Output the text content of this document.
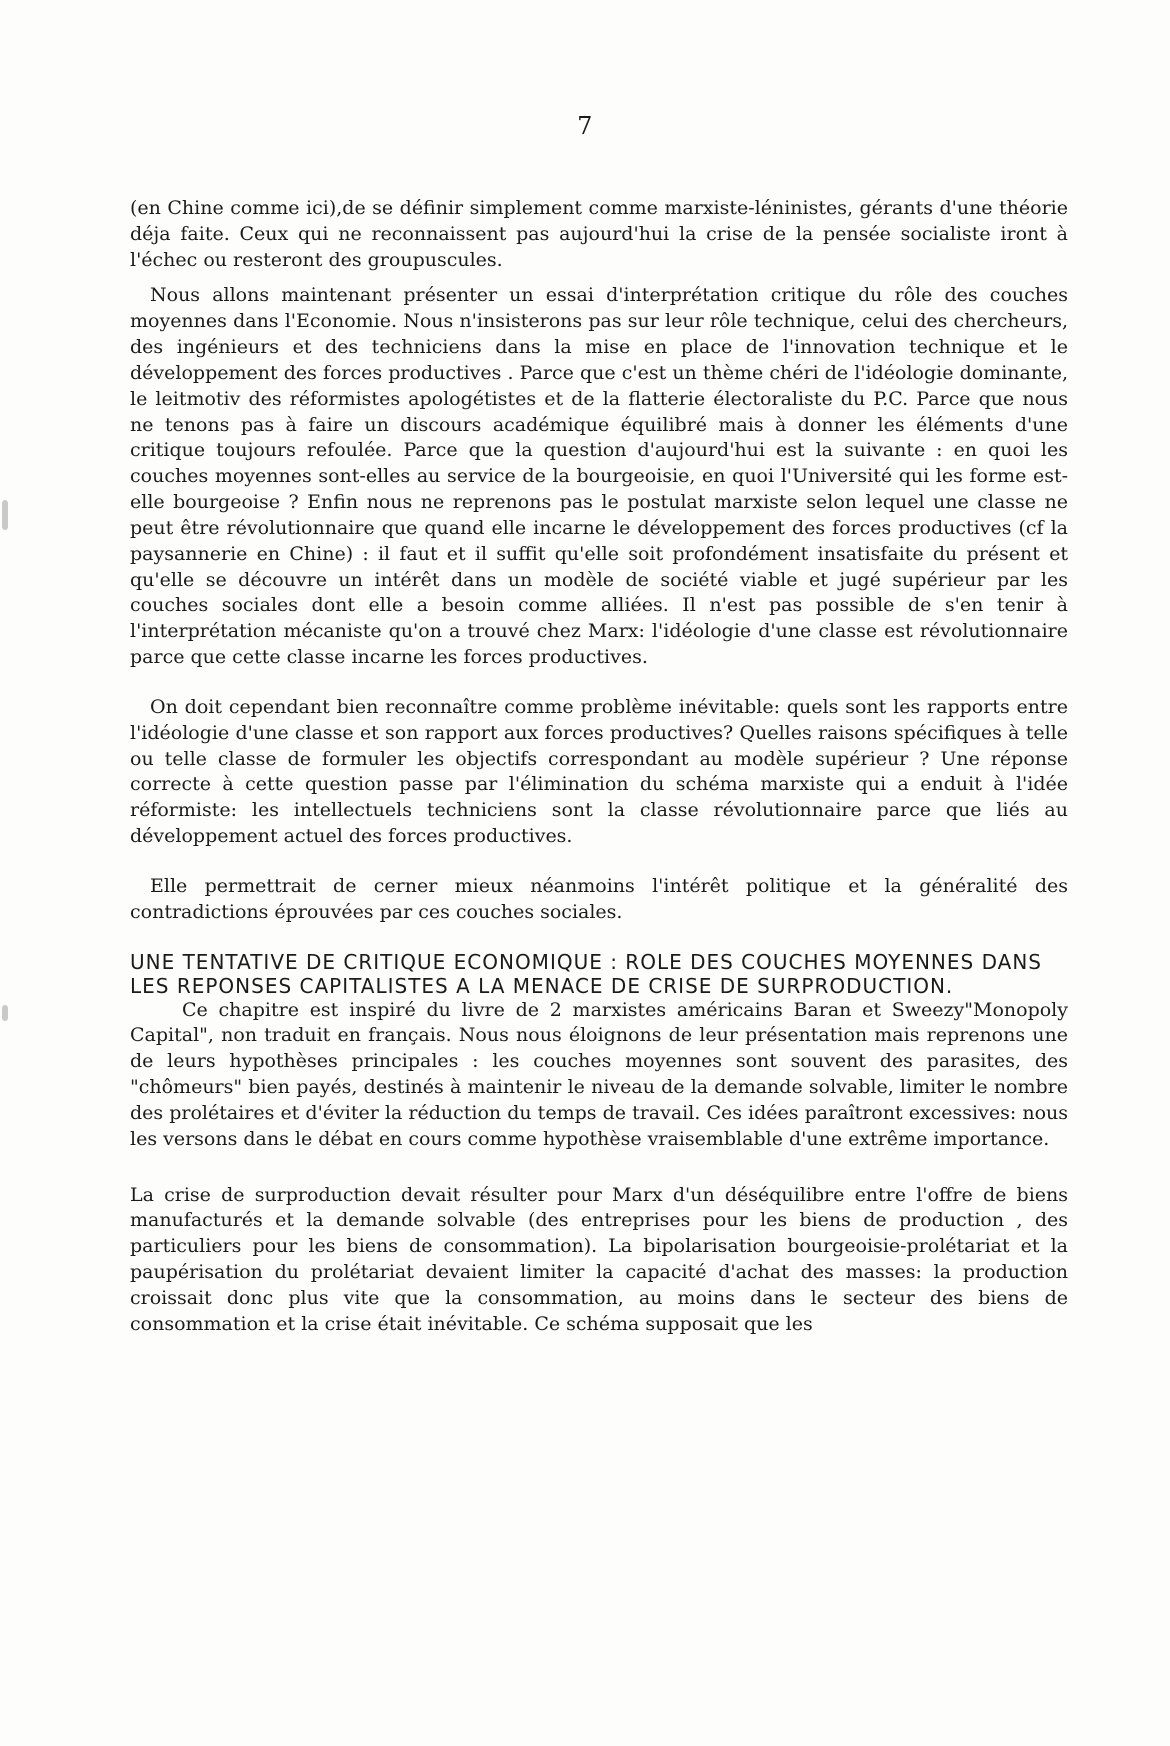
7

(en Chine comme ici),de se définir simplement comme marxiste-léninistes, gérants d'une théorie déja faite. Ceux qui ne reconnaissent pas aujourd'hui la crise de la pensée socialiste iront à l'échec ou resteront des groupuscules.

Nous allons maintenant présenter un essai d'interprétation critique du rôle des couches moyennes dans l'Economie. Nous n'insisterons pas sur leur rôle technique, celui des chercheurs, des ingénieurs et des techniciens dans la mise en place de l'innovation technique et le développement des forces productives . Parce que c'est un thème chéri de l'idéologie dominante, le leitmotiv des réformistes apologétistes et de la flatterie électoraliste du P.C. Parce que nous ne tenons pas à faire un discours académique équilibré mais à donner les éléments d'une critique toujours refoulée. Parce que la question d'aujourd'hui est la suivante : en quoi les couches moyennes sont-elles au service de la bourgeoisie, en quoi l'Université qui les forme est-elle bourgeoise ? Enfin nous ne reprenons pas le postulat marxiste selon lequel une classe ne peut être révolutionnaire que quand elle incarne le développement des forces productives (cf la paysannerie en Chine) : il faut et il suffit qu'elle soit profondément insatisfaite du présent et qu'elle se découvre un intérêt dans un modèle de société viable et jugé supérieur par les couches sociales dont elle a besoin comme alliées. Il n'est pas possible de s'en tenir à l'interprétation mécaniste qu'on a trouvé chez Marx: l'idéologie d'une classe est révolutionnaire parce que cette classe incarne les forces productives.

On doit cependant bien reconnaître comme problème inévitable: quels sont les rapports entre l'idéologie d'une classe et son rapport aux forces productives? Quelles raisons spécifiques à telle ou telle classe de formuler les objectifs correspondant au modèle supérieur ? Une réponse correcte à cette question passe par l'élimination du schéma marxiste qui a enduit à l'idée réformiste: les intellectuels techniciens sont la classe révolutionnaire parce que liés au développement actuel des forces productives.

Elle permettrait de cerner mieux néanmoins l'intérêt politique et la généralité des contradictions éprouvées par ces couches sociales.

UNE TENTATIVE DE CRITIQUE ECONOMIQUE : ROLE DES COUCHES MOYENNES DANS LES REPONSES CAPITALISTES A LA MENACE DE CRISE DE SURPRODUCTION.

Ce chapitre est inspiré du livre de 2 marxistes américains Baran et Sweezy"Monopoly Capital", non traduit en français. Nous nous éloignons de leur présentation mais reprenons une de leurs hypothèses principales : les couches moyennes sont souvent des parasites, des "chômeurs" bien payés, destinés à maintenir le niveau de la demande solvable, limiter le nombre des prolétaires et d'éviter la réduction du temps de travail. Ces idées paraîtront excessives: nous les versons dans le débat en cours comme hypothèse vraisemblable d'une extrême importance.

La crise de surproduction devait résulter pour Marx d'un déséquilibre entre l'offre de biens manufacturés et la demande solvable (des entreprises pour les biens de production , des particuliers pour les biens de consommation). La bipolarisation bourgeoisie-prolétariat et la paupérisation du prolétariat devaient limiter la capacité d'achat des masses: la production croissait donc plus vite que la consommation, au moins dans le secteur des biens de consommation et la crise était inévitable. Ce schéma supposait que les
